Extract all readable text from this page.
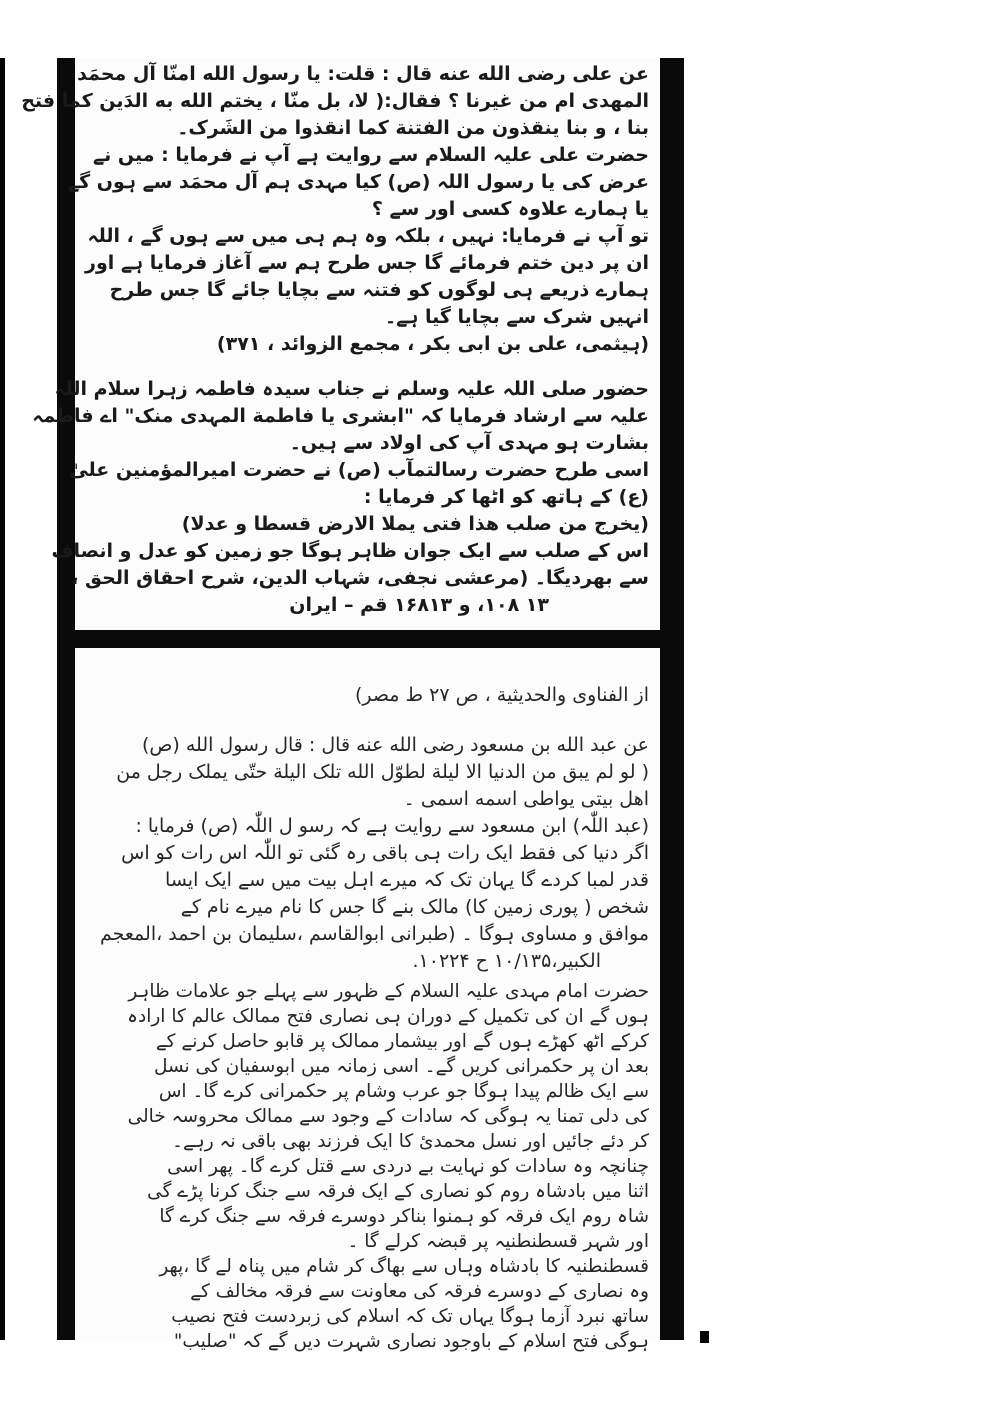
عن علی رضی الله عنه قال : قلت: یا رسول الله امنّا آل محمَد
المهدی ام من غیرنا ؟ فقال:( لا، بل منّا ، یختم الله به الدَین کما فتح
بنا ، و بنا ینقذون من الفتنة کما انقذوا من الشَرک۔
حضرت علی علیہ السلام سے روایت ہے آپ نے فرمایا : میں نے
عرض کی یا رسول اللہ (ص) کیا مہدی ہم آل محمَد سے ہوں گے
یا ہمارے علاوہ کسی اور سے ؟
تو آپ نے فرمایا: نہیں ، بلکہ وہ ہم ہی میں سے ہوں گے ، اللہ
ان پر دین ختم فرمائے گا جس طرح ہم سے آغاز فرمایا ہے اور
ہمارے ذریعے ہی لوگوں کو فتنہ سے بچایا جائے گا جس طرح
انہیں شرک سے بچایا گیا ہے۔
(ہیثمی، علی بن ابی بکر ، مجمع الزوائد ، ۳۷۱)
حضور صلی اللہ علیہ وسلم نے جناب سیدہ فاطمہ زہرا سلام اللہ
علیہ سے ارشاد فرمایا کہ "ابشری یا فاطمة المہدی منک" اے فاطمہ
بشارت ہو مہدی آپ کی اولاد سے ہیں۔
اسی طرح حضرت رسالتمآب (ص) نے حضرت امیرالمؤمنین علیٰ
(ع) کے ہاتھ کو اٹھا کر فرمایا :
(یخرج من صلب هذا فتی یملا الارض قسطا و عدلا)
اس کے صلب سے ایک جوان ظاہر ہوگا جو زمین کو عدل و انصاف
سے بھردیگا۔ (مرعشی نجفی، شہاب الدین، شرح احقاق الحق ،
۱۳ ۱۰۸، و ۱۶۸۱۳ قم – ایران
از الفناوی والحدیثیة ، ص ۲۷ ط مصر)
عن عبد الله بن مسعود رضی الله عنه قال : قال رسول الله (ص)
( لو لم یبق من الدنیا الا لیلة لطوّل الله تلک الیلة حتّی یملک رجل من
اهل بیتی یواطی اسمه اسمی ۔
(عبد اللّٰہ) ابن مسعود سے روایت ہے کہ رسو ل اللّٰہ (ص) فرمایا :
اگر دنیا کی فقط ایک رات ہی باقی رہ گئی تو اللّٰہ اس رات کو اس
قدر لمبا کردے گا یہان تک کہ میرے اہل بیت میں سے ایک ایسا
شخص ( پوری زمین کا) مالک بنے گا جس کا نام میرے نام کے
موافق و مساوی ہوگا ۔ (طبرانی ابوالقاسم ،سلیمان بن احمد ،المعجم
الکبیر،۱۰/۱۳۵ ح ۱۰۲۲۴.
حضرت امام مہدی علیہ السلام کے ظہور سے پہلے جو علامات ظاہر
ہوں گے ان کی تکمیل کے دوران ہی نصاری فتح ممالک عالم کا ارادہ
کرکے اٹھ کھڑے ہوں گے اور بیشمار ممالک پر قابو حاصل کرنے کے
بعد ان پر حکمرانی کریں گے۔ اسی زمانہ میں ابوسفیان کی نسل
سے ایک ظالم پیدا ہوگا جو عرب وشام پر حکمرانی کرے گا۔ اس
کی دلی تمنا یہ ہوگی کہ سادات کے وجود سے ممالک محروسہ خالی
کر دئے جائیں اور نسل محمدیٔ کا ایک فرزند بھی باقی نہ رہے۔
چنانچہ وہ سادات کو نہایت بے دردی سے قتل کرے گا۔ پھر اسی
اثنا میں بادشاہ روم کو نصاری کے ایک فرقہ سے جنگ کرنا پڑے گی
شاہ روم ایک فرقہ کو ہمنوا بناکر دوسرے فرقہ سے جنگ کرے گا
اور شہر قسطنطنیہ پر قبضہ کرلے گا ۔
قسطنطنیہ کا بادشاہ وہاں سے بھاگ کر شام میں پناہ لے گا ،پھر
وہ نصاری کے دوسرے فرقہ کی معاونت سے فرقہ مخالف کے
ساتھ نبرد آزما ہوگا یہاں تک کہ اسلام کی زبردست فتح نصیب
ہوگی فتح اسلام کے باوجود نصاری شہرت دیں گے کہ "صلیب"
